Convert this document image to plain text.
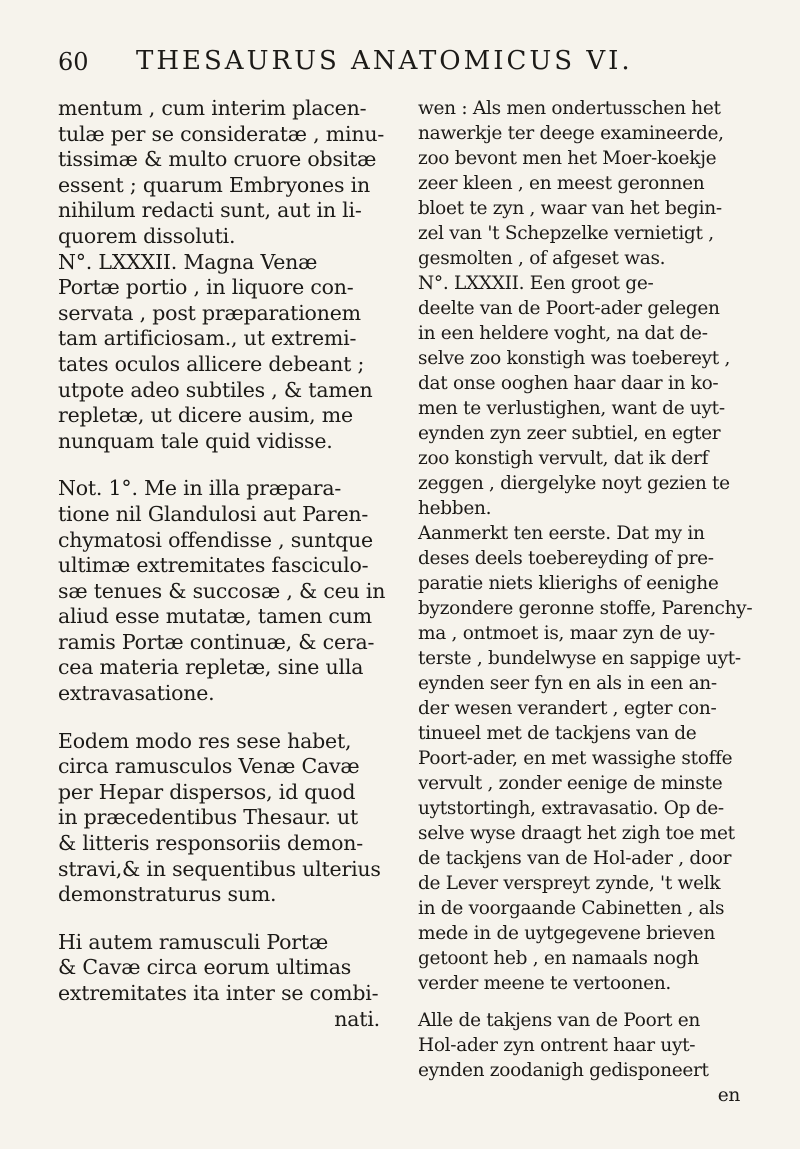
60 THESAURUS ANATOMICUS VI.
mentum , cum interim placen-
tulæ per se consideratæ , minu-
tissimæ & multo cruore obsitæ
essent ; quarum Embryones in
nihilum redacti sunt, aut in li-
quorem dissoluti.
N°. LXXXII. Magna Venæ
Portæ portio , in liquore con-
servata , post præparationem
tam artificiosam., ut extremi-
tates oculos allicere debeant ;
utpote adeo subtiles , & tamen
repletæ, ut dicere ausim, me
nunquam tale quid vidisse.
Not. 1°. Me in illa præpara-
tione nil Glandulosi aut Paren-
chymatosi offendisse , suntque
ultimæ extremitates fasciculo-
sæ tenues & succosæ , & ceu in
aliud esse mutatæ, tamen cum
ramis Portæ continuæ, & cera-
cea materia repletæ, sine ulla
extravasatione.
Eodem modo res sese habet,
circa ramusculos Venæ Cavæ
per Hepar dispersos, id quod
in præcedentibus Thesaur. ut
& litteris responsoriis demon-
stravi,& in sequentibus ulterius
demonstraturus sum.
Hi autem ramusculi Portæ
& Cavæ circa eorum ultimas
extremitates ita inter se combi-
nati.
wen : Als men ondertusschen het
nawerkje ter deege examineerde,
zoo bevont men het Moer-koekje
zeer kleen , en meest geronnen
bloet te zyn , waar van het begin-
zel van 't Schepzelke vernietigt ,
gesmolten , of afgeset was.
N°. LXXXII. Een groot ge-
deelte van de Poort-ader gelegen
in een heldere voght, na dat de-
selve zoo konstigh was toebereyt ,
dat onse ooghen haar daar in ko-
men te verlustighen, want de uyt-
eynden zyn zeer subtiel, en egter
zoo konstigh vervult, dat ik derf
zeggen , diergelyke noyt gezien te
hebben.
Aanmerkt ten eerste. Dat my in
deses deels toebereyding of pre-
paratie niets klierighs of eenighe
byzondere geronne stoffe, Parenchy-
ma , ontmoet is, maar zyn de uy-
terste , bundelwyse en sappige uyt-
eynden seer fyn en als in een an-
der wesen verandert , egter con-
tinueel met de tackjens van de
Poort-ader, en met wassighe stoffe
vervult , zonder eenige de minste
uytstortingh, extravasatio. Op de-
selve wyse draagt het zigh toe met
de tackjens van de Hol-ader , door
de Lever verspreyt zynde, 't welk
in de voorgaande Cabinetten , als
mede in de uytgegevene brieven
getoont heb , en namaals nogh
verder meene te vertoonen.
Alle de takjens van de Poort en
Hol-ader zyn ontrent haar uyt-
eynden zoodanigh gedisponeert
en
